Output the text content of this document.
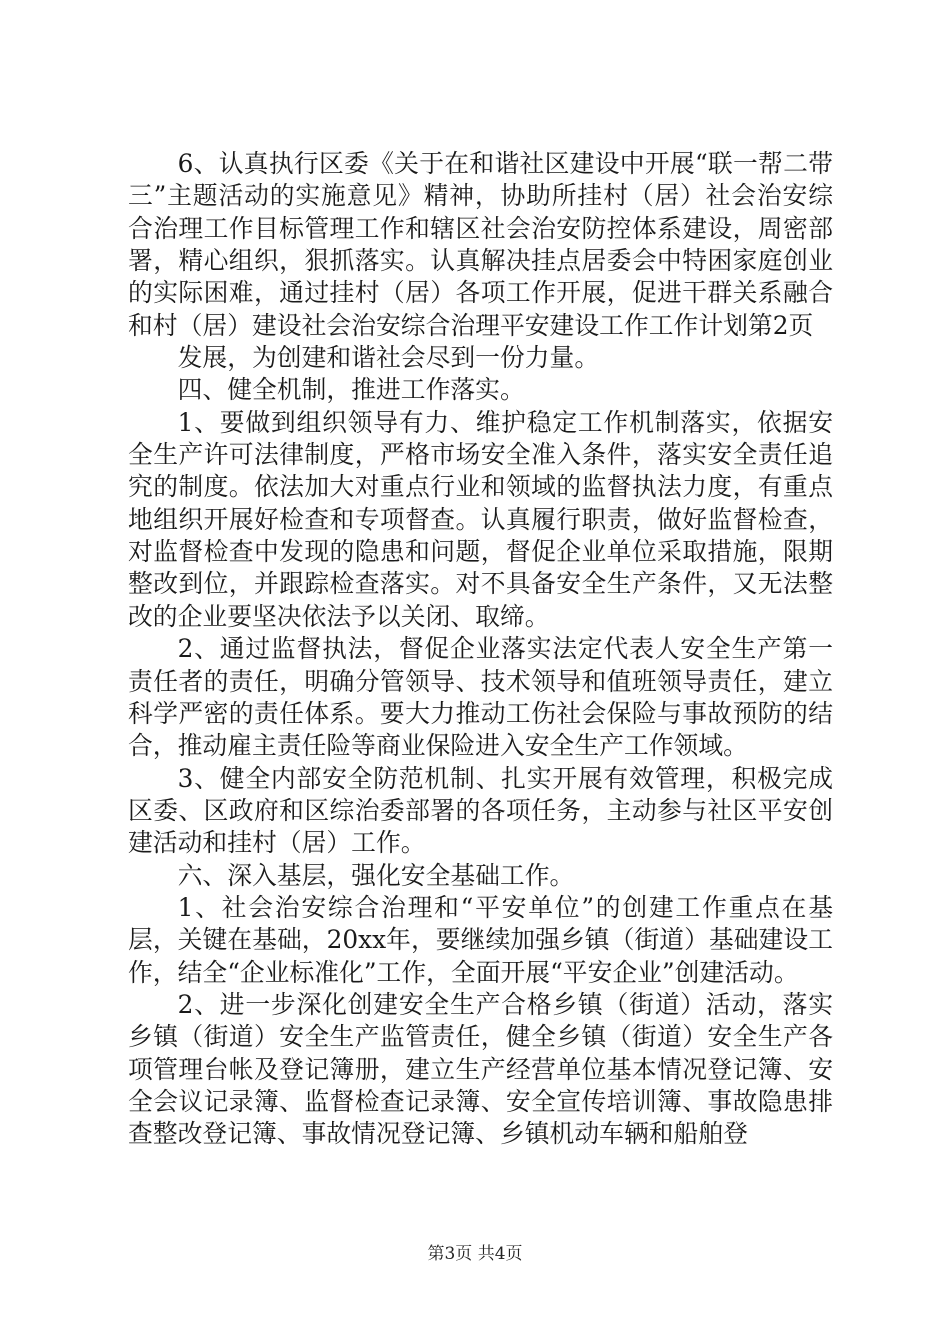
6、认真执行区委《关于在和谐社区建设中开展“联一帮二带三”主题活动的实施意见》精神，协助所挂村（居）社会治安综合治理工作目标管理工作和辖区社会治安防控体系建设，周密部署，精心组织，狠抓落实。认真解决挂点居委会中特困家庭创业的实际困难，通过挂村（居）各项工作开展，促进干群关系融合和村（居）建设社会治安综合治理平安建设工作工作计划第2页

发展，为创建和谐社会尽到一份力量。

四、健全机制，推进工作落实。

1、要做到组织领导有力、维护稳定工作机制落实，依据安全生产许可法律制度，严格市场安全准入条件，落实安全责任追究的制度。依法加大对重点行业和领域的监督执法力度，有重点地组织开展好检查和专项督查。认真履行职责，做好监督检查，对监督检查中发现的隐患和问题，督促企业单位采取措施，限期整改到位，并跟踪检查落实。对不具备安全生产条件，又无法整改的企业要坚决依法予以关闭、取缔。

2、通过监督执法，督促企业落实法定代表人安全生产第一责任者的责任，明确分管领导、技术领导和值班领导责任，建立科学严密的责任体系。要大力推动工伤社会保险与事故预防的结合，推动雇主责任险等商业保险进入安全生产工作领域。

3、健全内部安全防范机制、扎实开展有效管理，积极完成区委、区政府和区综治委部署的各项任务，主动参与社区平安创建活动和挂村（居）工作。

六、深入基层，强化安全基础工作。

1、社会治安综合治理和“平安单位”的创建工作重点在基层，关键在基础，20xx年，要继续加强乡镇（街道）基础建设工作，结全“企业标准化”工作，全面开展“平安企业”创建活动。

2、进一步深化创建安全生产合格乡镇（街道）活动，落实乡镇（街道）安全生产监管责任，健全乡镇（街道）安全生产各项管理台帐及登记簿册，建立生产经营单位基本情况登记簿、安全会议记录簿、监督检查记录簿、安全宣传培训簿、事故隐患排查整改登记簿、事故情况登记簿、乡镇机动车辆和船舶登

第3页 共4页
